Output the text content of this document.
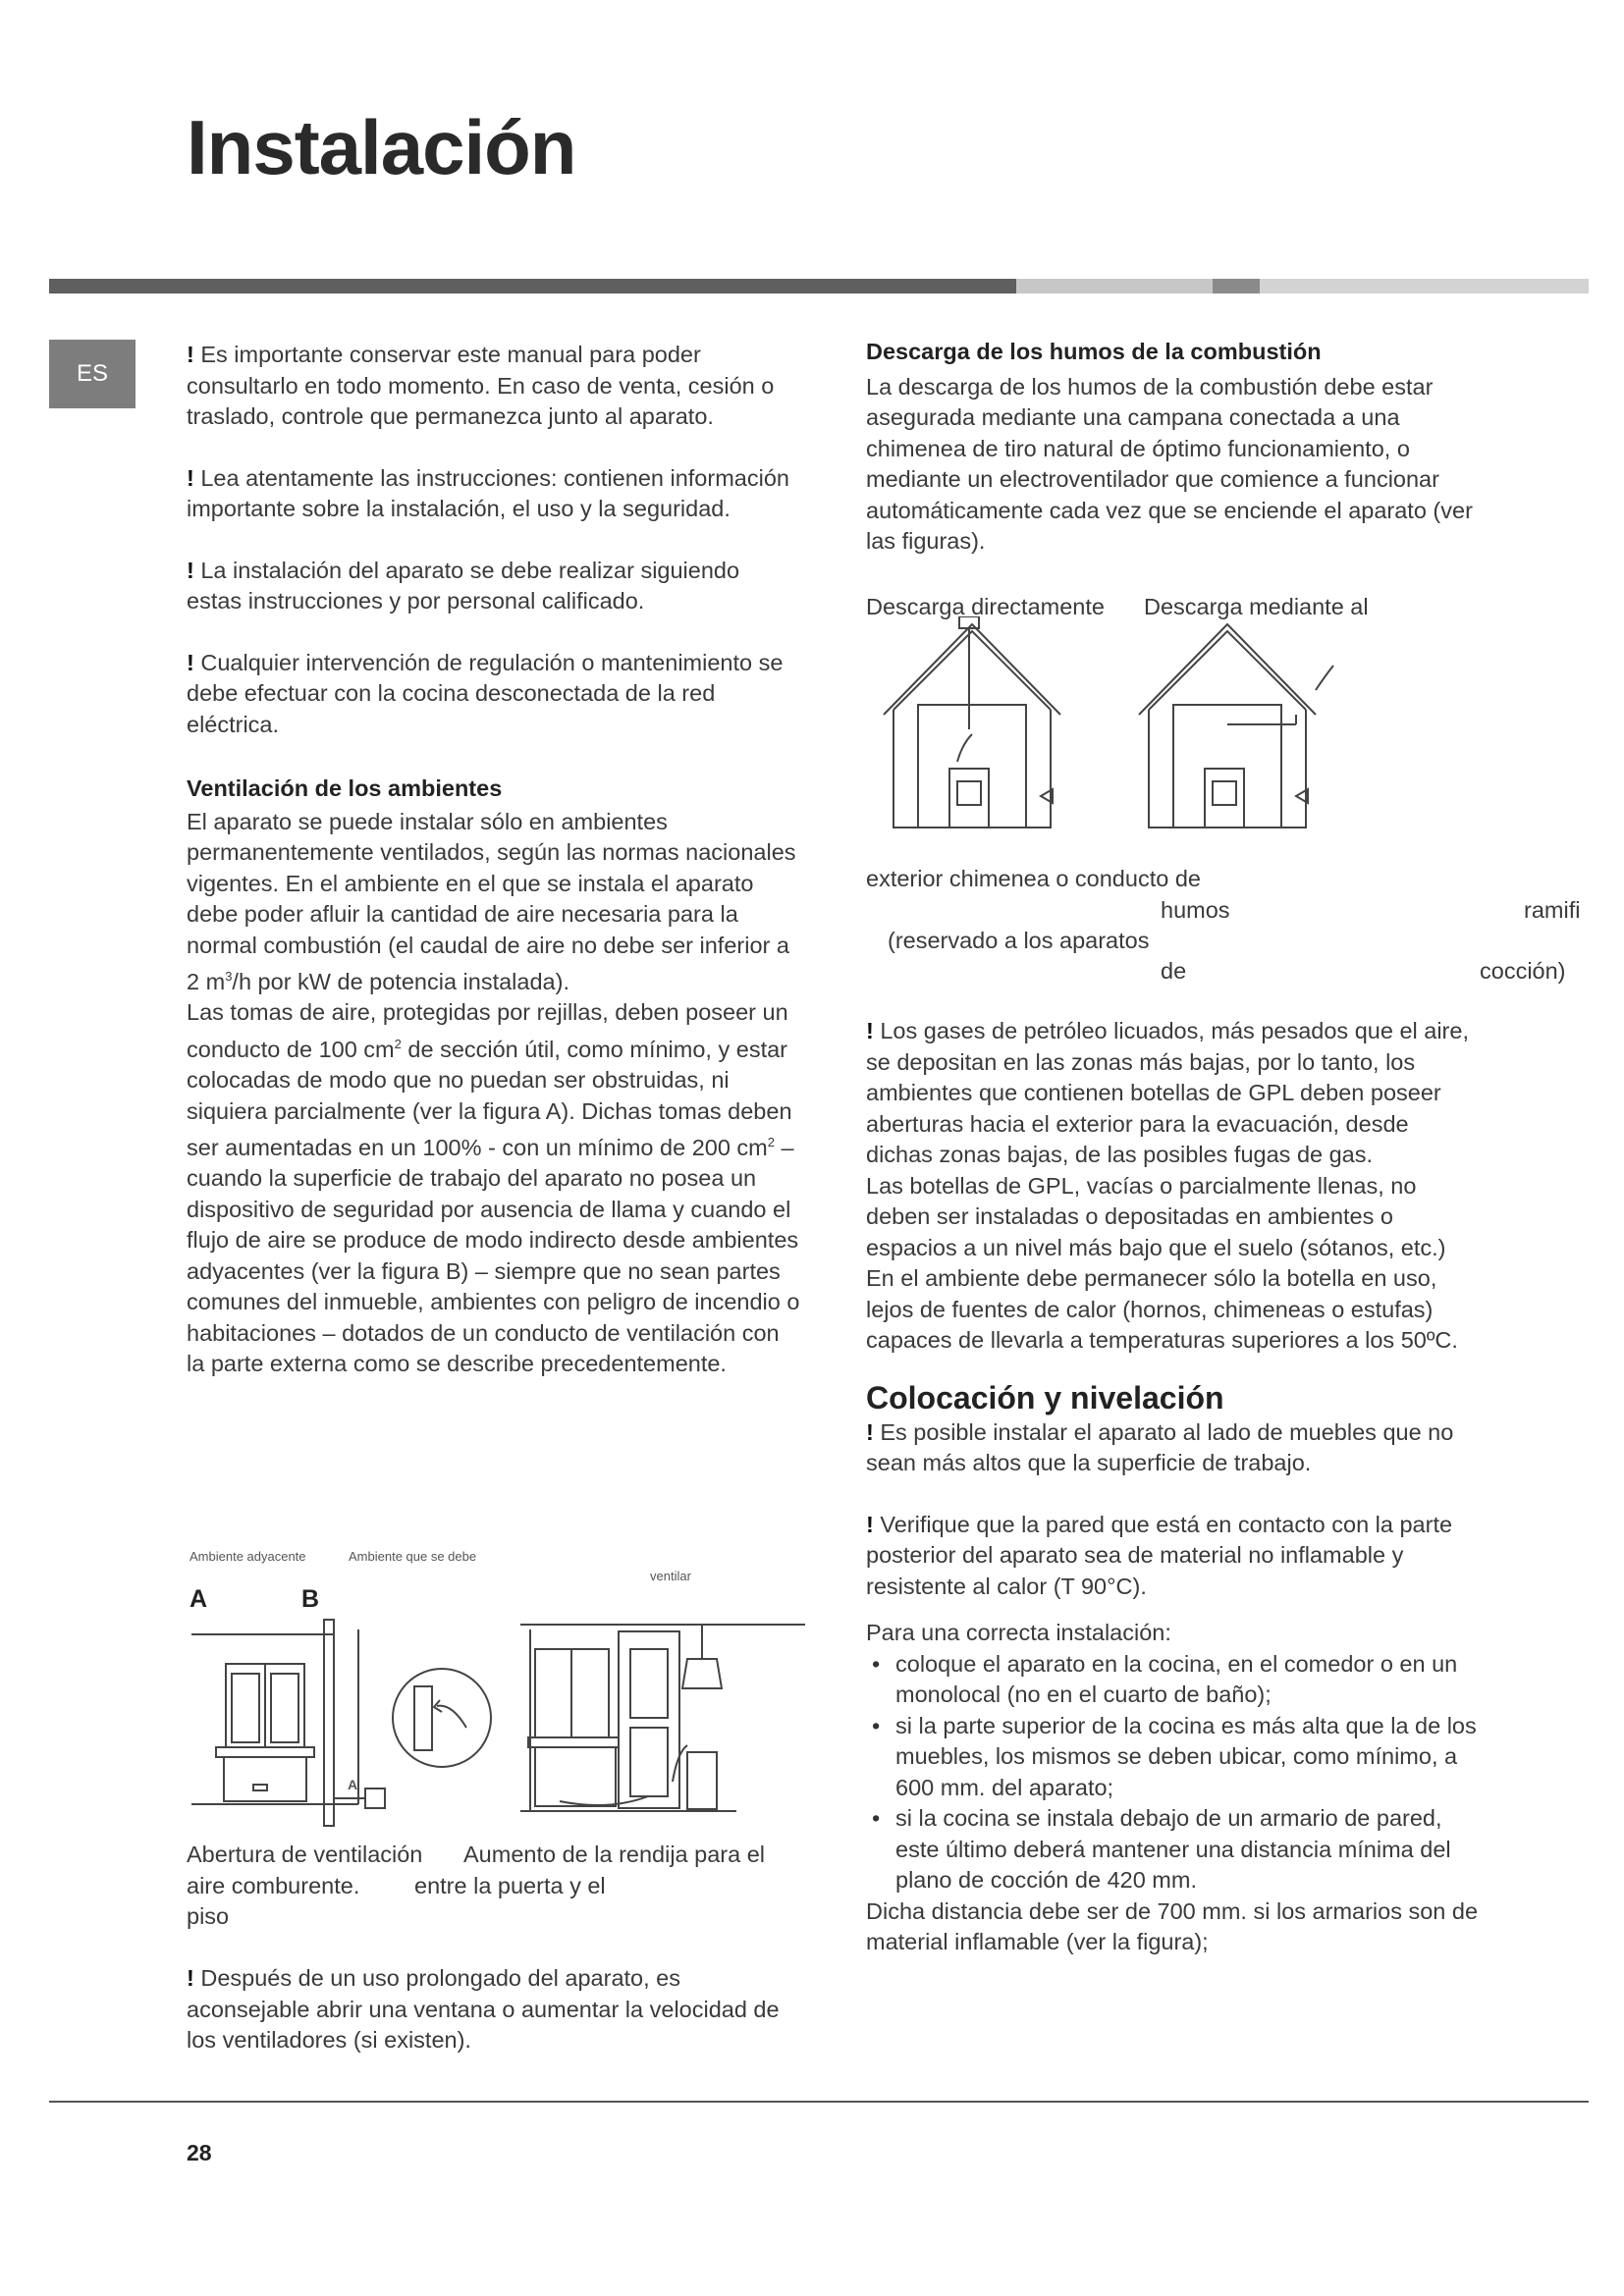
Instalación
ES

! Es importante conservar este manual para poder consultarlo en todo momento. En caso de venta, cesión o traslado, controle que permanezca junto al aparato.

! Lea atentamente las instrucciones: contienen información importante sobre la instalación, el uso y la seguridad.

! La instalación del aparato se debe realizar siguiendo estas instrucciones y por personal calificado.

! Cualquier intervención de regulación o mantenimiento se debe efectuar con la cocina desconectada de la red eléctrica.

Ventilación de los ambientes

El aparato se puede instalar sólo en ambientes permanentemente ventilados, según las normas nacionales vigentes. En el ambiente en el que se instala el aparato debe poder afluir la cantidad de aire necesaria para la normal combustión (el caudal de aire no debe ser inferior a 2 $m^3/h$ por kW de potencia instalada).

Las tomas de aire, protegidas por rejillas, deben poseer un conducto de 100 $cm^2$ de sección útil, como mínimo, y estar colocadas de modo que no puedan ser obstruidas, ni siquiera parcialmente (ver la figura A). Dichas tomas deben ser aumentadas en un 100% - con un mínimo de 200 $cm^2$ – cuando la superficie de trabajo del aparato no posea un dispositivo de seguridad por ausencia de llama y cuando el flujo de aire se produce de modo indirecto desde ambientes adyacentes (ver la figura B) – siempre que no sean partes comunes del inmueble, ambientes con peligro de incendio o habitaciones – dotados de un conducto de ventilación con la parte externa como se describe precedentemente.

Ambiente adyacente	Ambiente que se debe
ventilar
A	B
A

Abertura de ventilación

aire comburente.

piso

Aumento de la rendija para el

entre la puerta y el

! Después de un uso prolongado del aparato, es aconsejable abrir una ventana o aumentar la velocidad de los ventiladores (si existen).

Descarga de los humos de la combustión

La descarga de los humos de la combustión debe estar asegurada mediante una campana conectada a una chimenea de tiro natural de óptimo funcionamiento, o mediante un electroventilador que comience a funcionar automáticamente cada vez que se enciende el aparato (ver las figuras).

Descarga directamente Descarga mediante al

exterior chimenea o conducto de

humos	ramifi

(reservado a los aparatos

de	cocción)

! Los gases de petróleo licuados, más pesados que el aire, se depositan en las zonas más bajas, por lo tanto, los ambientes que contienen botellas de GPL deben poseer aberturas hacia el exterior para la evacuación, desde dichas zonas bajas, de las posibles fugas de gas.

Las botellas de GPL, vacías o parcialmente llenas, no deben ser instaladas o depositadas en ambientes o espacios a un nivel más bajo que el suelo (sótanos, etc.) En el ambiente debe permanecer sólo la botella en uso, lejos de fuentes de calor (hornos, chimeneas o estufas) capaces de llevarla a temperaturas superiores a los 50ºC.

Colocación y nivelación

! Es posible instalar el aparato al lado de muebles que no sean más altos que la superficie de trabajo.

! Verifique que la pared que está en contacto con la parte posterior del aparato sea de material no inflamable y resistente al calor (T 90°C).

Para una correcta instalación:

• coloque el aparato en la cocina, en el comedor o en un monolocal (no en el cuarto de baño);
• si la parte superior de la cocina es más alta que la de los muebles, los mismos se deben ubicar, como mínimo, a 600 mm. del aparato;
• si la cocina se instala debajo de un armario de pared, este último deberá mantener una distancia mínima del plano de cocción de 420 mm.

Dicha distancia debe ser de 700 mm. si los armarios son de material inflamable (ver la figura);

28
